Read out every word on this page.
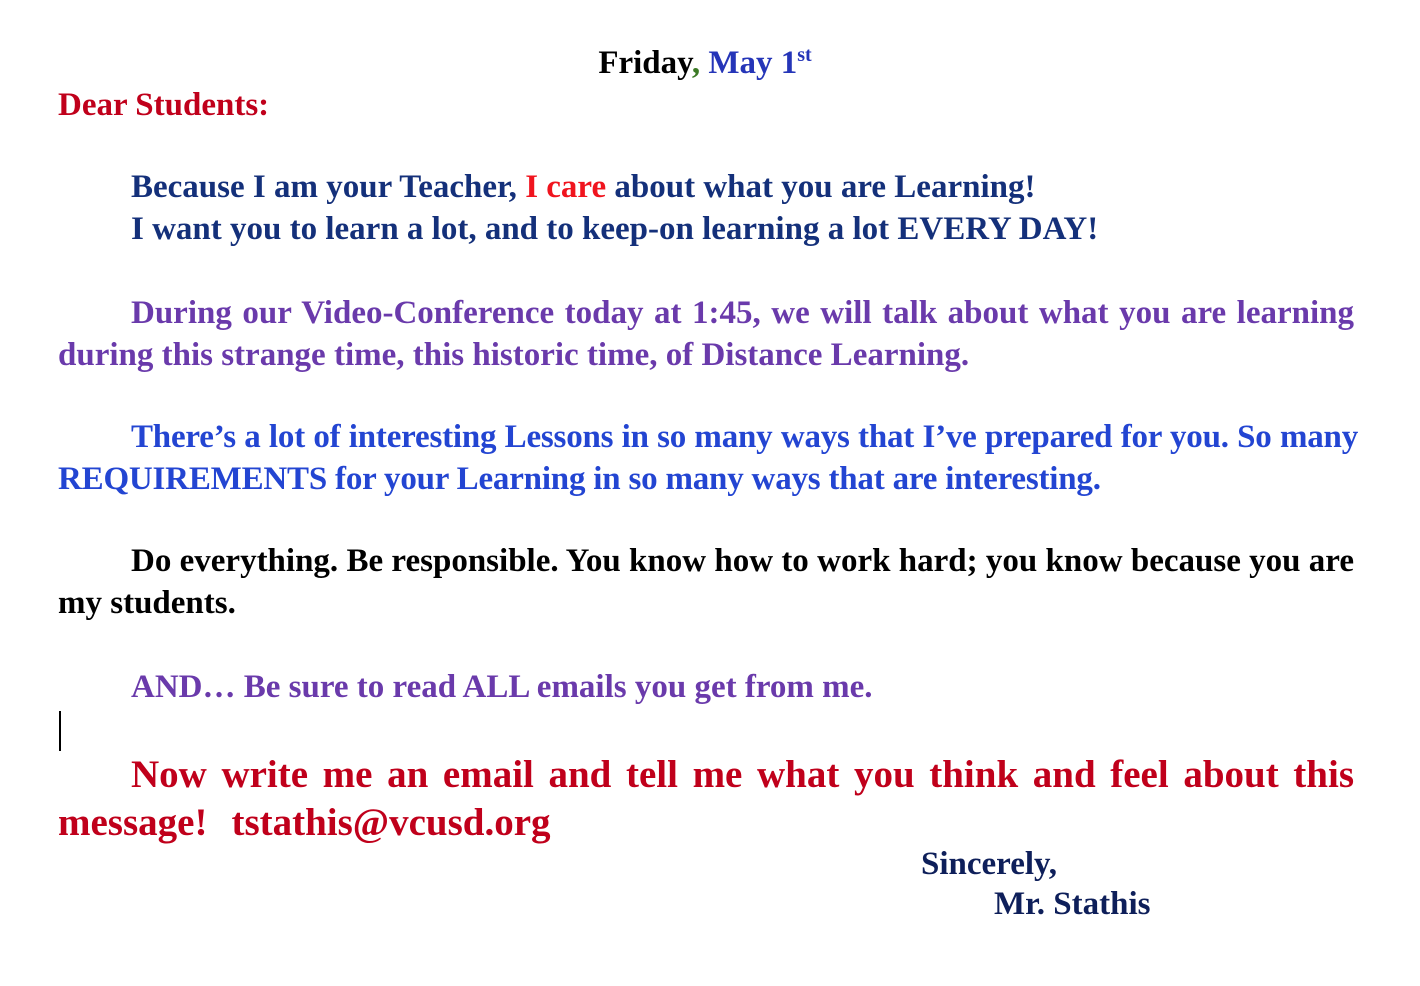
Friday, May 1st
Dear Students:
Because I am your Teacher, I care about what you are Learning!
I want you to learn a lot, and to keep-on learning a lot EVERY DAY!
During our Video-Conference today at 1:45, we will talk about what you are learning during this strange time, this historic time, of Distance Learning.
There’s a lot of interesting Lessons in so many ways that I’ve prepared for you. So many REQUIREMENTS for your Learning in so many ways that are interesting.
Do everything. Be responsible. You know how to work hard; you know because you are my students.
AND… Be sure to read ALL emails you get from me.
Now write me an email and tell me what you think and feel about this message! tstathis@vcusd.org
Sincerely,
Mr. Stathis
